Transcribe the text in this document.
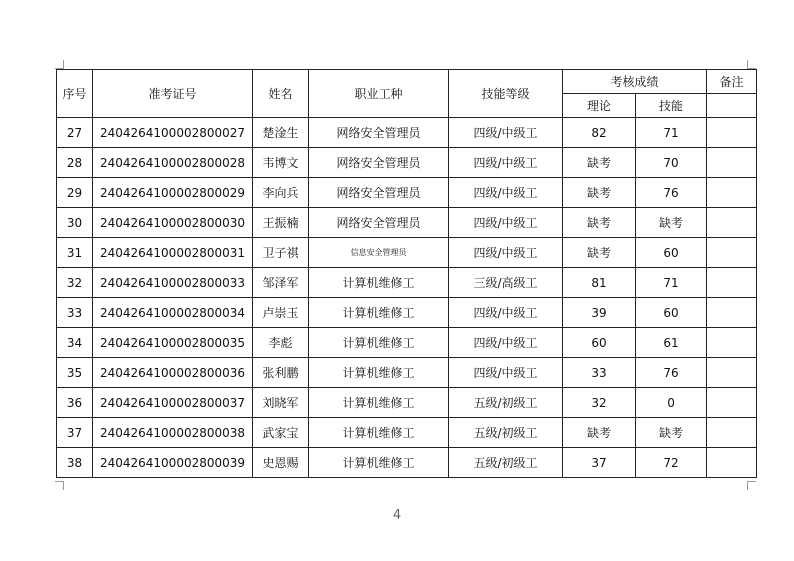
序号	准考证号	姓名	职业工种	技能等级	考核成绩		备注
					理论	技能	
27	2404264100002800027	楚淦生	网络安全管理员	四级/中级工	82	71	
28	2404264100002800028	韦博文	网络安全管理员	四级/中级工	缺考	70	
29	2404264100002800029	李向兵	网络安全管理员	四级/中级工	缺考	76	
30	2404264100002800030	王振楠	网络安全管理员	四级/中级工	缺考	缺考	
31	2404264100002800031	卫子祺	信息安全管理员	四级/中级工	缺考	60	
32	2404264100002800033	邹泽军	计算机维修工	三级/高级工	81	71	
33	2404264100002800034	卢崇玉	计算机维修工	四级/中级工	39	60	
34	2404264100002800035	李彪	计算机维修工	四级/中级工	60	61	
35	2404264100002800036	张利鹏	计算机维修工	四级/中级工	33	76	
36	2404264100002800037	刘晓军	计算机维修工	五级/初级工	32	0	
37	2404264100002800038	武家宝	计算机维修工	五级/初级工	缺考	缺考	
38	2404264100002800039	史恩赐	计算机维修工	五级/初级工	37	72	
4
